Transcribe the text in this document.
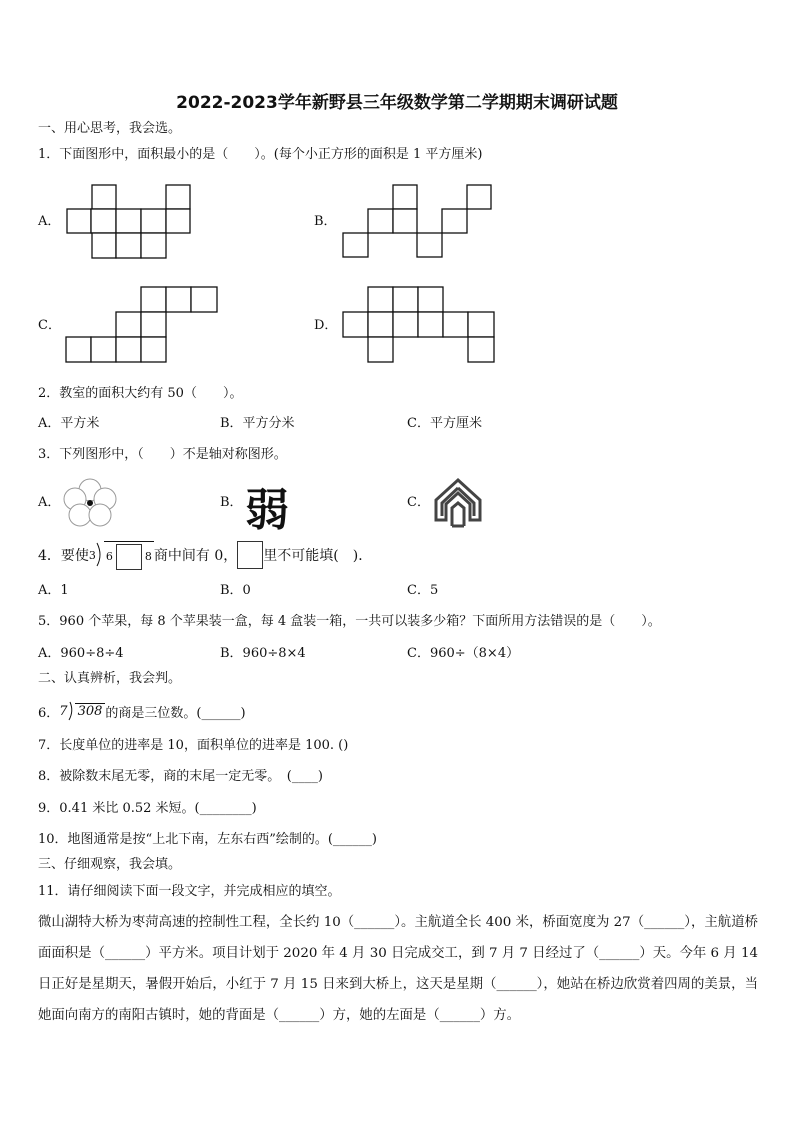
2022-2023学年新野县三年级数学第二学期期末调研试题
一、用心思考，我会选。
1．下面图形中，面积最小的是（　　）。(每个小正方形的面积是 1 平方厘米)
A．	B．
C．	D．
2．教室的面积大约有 50（　　）。
A．平方米	B．平方分米	C．平方厘米
3．下列图形中，（　　）不是轴对称图形。
A．	B． 弱	C．
4．要使 3 6	8 商中间有 0， 里不可能填(　)．
A．1	B．0	C．5
5．960 个苹果，每 8 个苹果装一盒，每 4 盒装一箱，一共可以装多少箱？下面所用方法错误的是（　　）。
A．960÷8÷4	B．960÷8×4	C．960÷（8×4）
二、认真辨析，我会判。
6． 7 308 的商是三位数。(______)
7．长度单位的进率是 10，面积单位的进率是 100. ()
8．被除数末尾无零，商的末尾一定无零。　(____)
9．0.41 米比 0.52 米短。(________)
10．地图通常是按“上北下南，左东右西”绘制的。(______)
三、仔细观察，我会填。
11．请仔细阅读下面一段文字，并完成相应的填空。
微山湖特大桥为枣菏高速的控制性工程，全长约 10（______）。主航道全长 400 米，桥面宽度为 27（______），主航道桥面面积是（______）平方米。项目计划于 2020 年 4 月 30 日完成交工，到 7 月 7 日经过了（______）天。今年 6 月 14 日正好是星期天，暑假开始后，小红于 7 月 15 日来到大桥上，这天是星期（______），她站在桥边欣赏着四周的美景，当她面向南方的南阳古镇时，她的背面是（______）方，她的左面是（______）方。
